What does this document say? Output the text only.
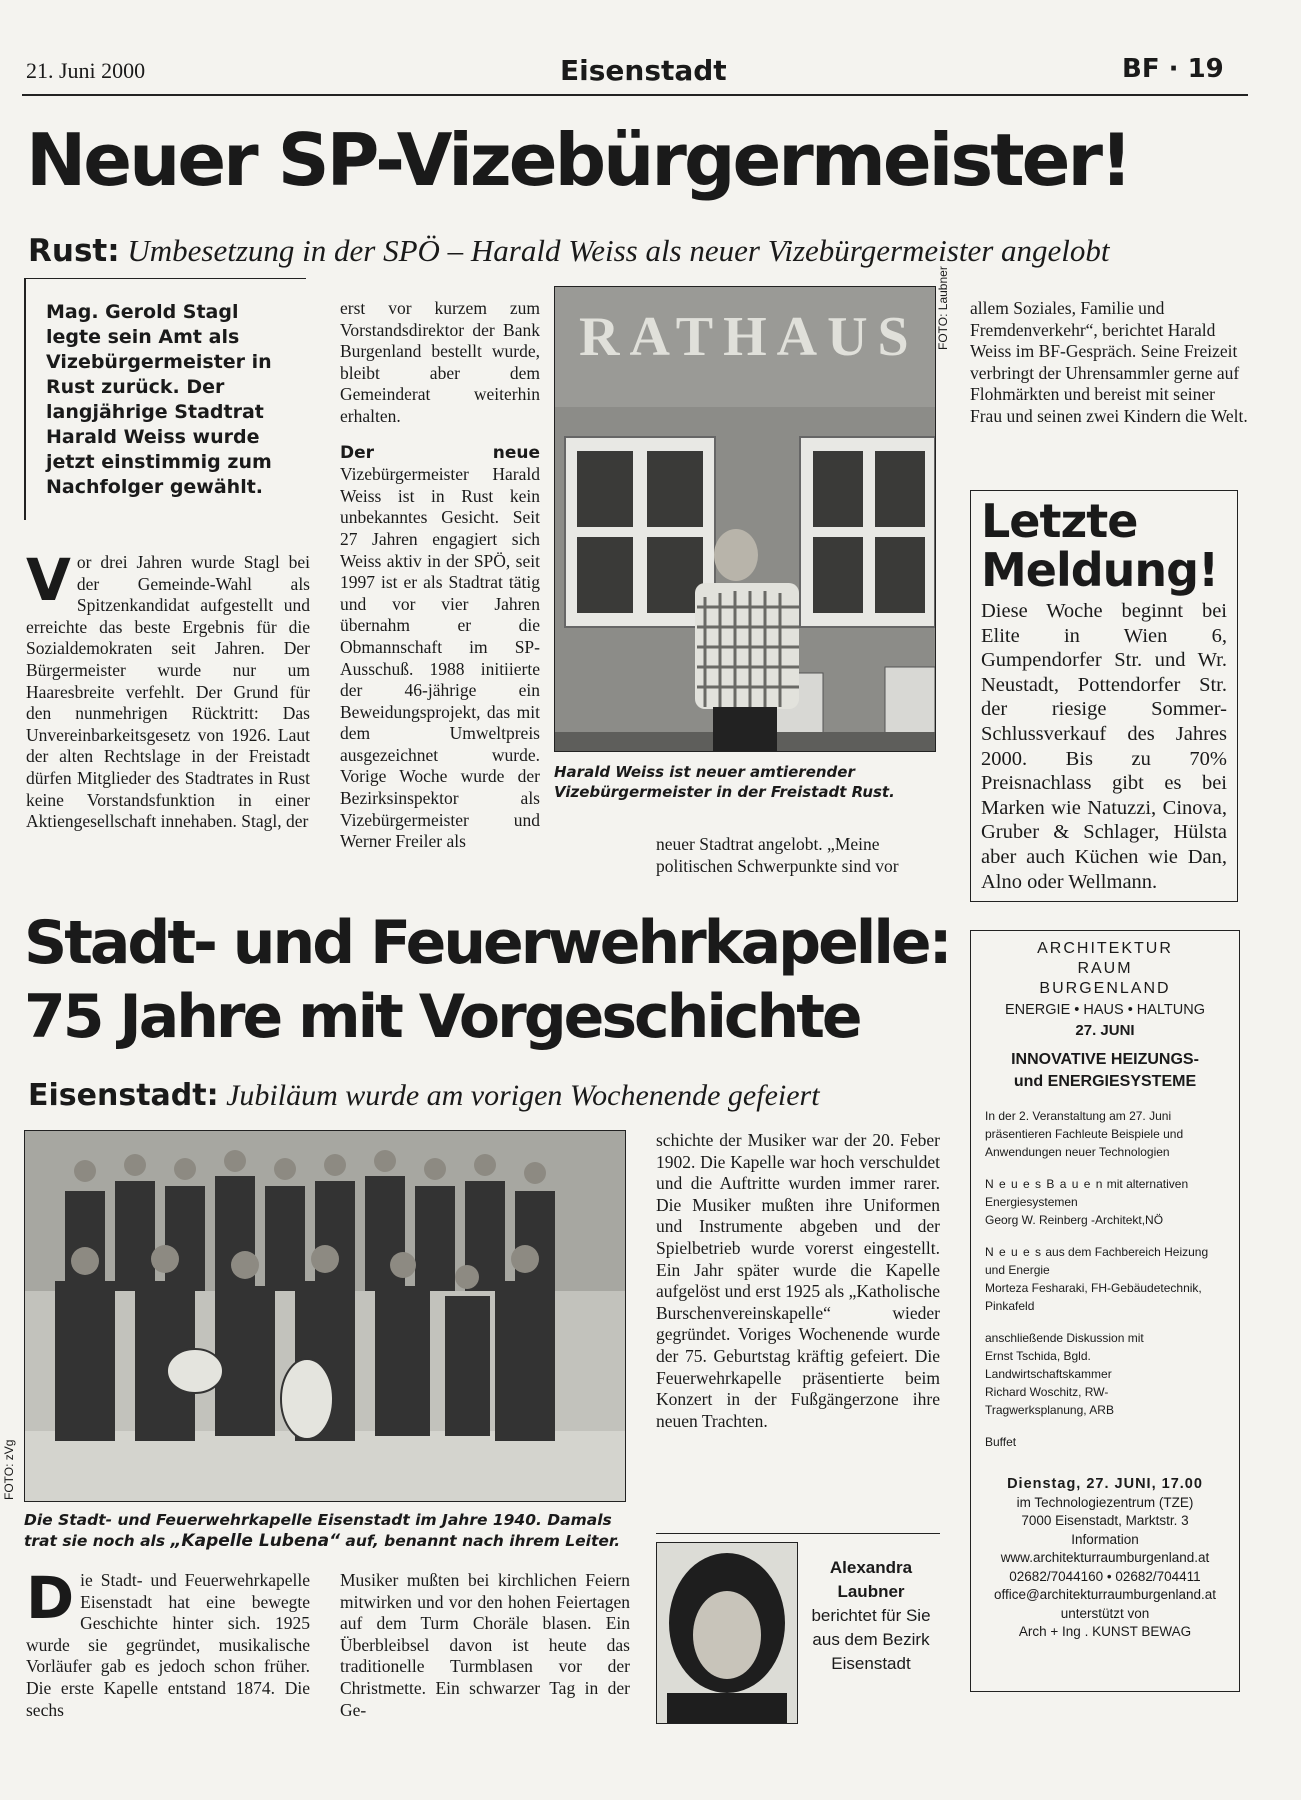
21. Juni 2000	Eisenstadt	BF · 19
Neuer SP-Vizebürgermeister!
Rust: Umbesetzung in der SPÖ – Harald Weiss als neuer Vizebürgermeister angelobt
Mag. Gerold Stagl legte sein Amt als Vizebürgermeister in Rust zurück. Der langjährige Stadtrat Harald Weiss wurde jetzt einstimmig zum Nachfolger gewählt.
V or drei Jahren wurde Stagl bei der Gemeinde-Wahl als Spitzenkandidat aufgestellt und erreichte das beste Ergebnis für die Sozialdemokraten seit Jahren. Der Bürgermeister wurde nur um Haaresbreite verfehlt. Der Grund für den nunmehrigen Rücktritt: Das Unvereinbarkeitsgesetz von 1926. Laut der alten Rechtslage in der Freistadt dürfen Mitglieder des Stadtrates in Rust keine Vorstandsfunktion in einer Aktiengesellschaft innehaben. Stagl, der

erst vor kurzem zum Vorstandsdirektor der Bank Burgenland bestellt wurde, bleibt aber dem Gemeinderat weiterhin erhalten.

Der neue Vizebürgermeister Harald Weiss ist in Rust kein unbekanntes Gesicht. Seit 27 Jahren engagiert sich Weiss aktiv in der SPÖ, seit 1997 ist er als Stadtrat tätig und vor vier Jahren übernahm er die Obmannschaft im SP-Ausschuß. 1988 initiierte der 46-jährige ein Beweidungsprojekt, das mit dem Umweltpreis ausgezeichnet wurde. Vorige Woche wurde der Bezirksinspektor als Vizebürgermeister und Werner Freiler als

RATHAUS FOTO: Laubner
Harald Weiss ist neuer amtierender Vizebürgermeister in der Freistadt Rust.
neuer Stadtrat angelobt. „Meine politischen Schwerpunkte sind vor
allem Soziales, Familie und Fremdenverkehr“, berichtet Harald Weiss im BF-Gespräch. Seine Freizeit verbringt der Uhrensammler gerne auf Flohmärkten und bereist mit seiner Frau und seinen zwei Kindern die Welt.
Letzte
Meldung!
Diese Woche beginnt bei Elite in Wien 6, Gumpendorfer Str. und Wr. Neustadt, Pottendorfer Str. der riesige Sommer-Schlussverkauf des Jahres 2000. Bis zu 70% Preisnachlass gibt es bei Marken wie Natuzzi, Cinova, Gruber & Schlager, Hülsta aber auch Küchen wie Dan, Alno oder Wellmann.
ARCHITEKTUR
RAUM
BURGENLAND
ENERGIE • HAUS • HALTUNG
27. JUNI
INNOVATIVE HEIZUNGS-
und ENERGIESYSTEME
In der 2. Veranstaltung am 27. Juni präsentieren Fachleute Beispiele und Anwendungen neuer Technologien
N e u e s B a u e n mit alternativen Energiesystemen
Georg W. Reinberg -Architekt,NÖ
N e u e s aus dem Fachbereich Heizung und Energie
Morteza Fesharaki, FH-Gebäudetechnik, Pinkafeld
anschließende Diskussion mit Ernst Tschida, Bgld. Landwirtschaftskammer Richard Woschitz, RW-Tragwerksplanung, ARB
Buffet
Dienstag, 27. JUNI, 17.00
im Technologiezentrum (TZE)
7000 Eisenstadt, Marktstr. 3
Information
www.architekturraumburgenland.at
02682/7044160 • 02682/704411
office@architekturraumburgenland.at
unterstützt von
Arch + Ing . KUNST BEWAG
Stadt- und Feuerwehrkapelle:
75 Jahre mit Vorgeschichte
Eisenstadt: Jubiläum wurde am vorigen Wochenende gefeiert
FOTO: zVg
Die Stadt- und Feuerwehrkapelle Eisenstadt im Jahre 1940. Damals trat sie noch als „Kapelle Lubena“ auf, benannt nach ihrem Leiter.
D ie Stadt- und Feuerwehrkapelle Eisenstadt hat eine bewegte Geschichte hinter sich. 1925 wurde sie gegründet, musikalische Vorläufer gab es jedoch schon früher. Die erste Kapelle entstand 1874. Die sechs
Musiker mußten bei kirchlichen Feiern mitwirken und vor den hohen Feiertagen auf dem Turm Choräle blasen. Ein Überbleibsel davon ist heute das traditionelle Turmblasen vor der Christmette. Ein schwarzer Tag in der Ge-
schichte der Musiker war der 20. Feber 1902. Die Kapelle war hoch verschuldet und die Auftritte wurden immer rarer. Die Musiker mußten ihre Uniformen und Instrumente abgeben und der Spielbetrieb wurde vorerst eingestellt. Ein Jahr später wurde die Kapelle aufgelöst und erst 1925 als „Katholische Burschenvereinskapelle“ wieder gegründet. Voriges Wochenende wurde der 75. Geburtstag kräftig gefeiert. Die Feuerwehrkapelle präsentierte beim Konzert in der Fußgängerzone ihre neuen Trachten.
Alexandra
Laubner
berichtet für Sie aus dem Bezirk Eisenstadt
